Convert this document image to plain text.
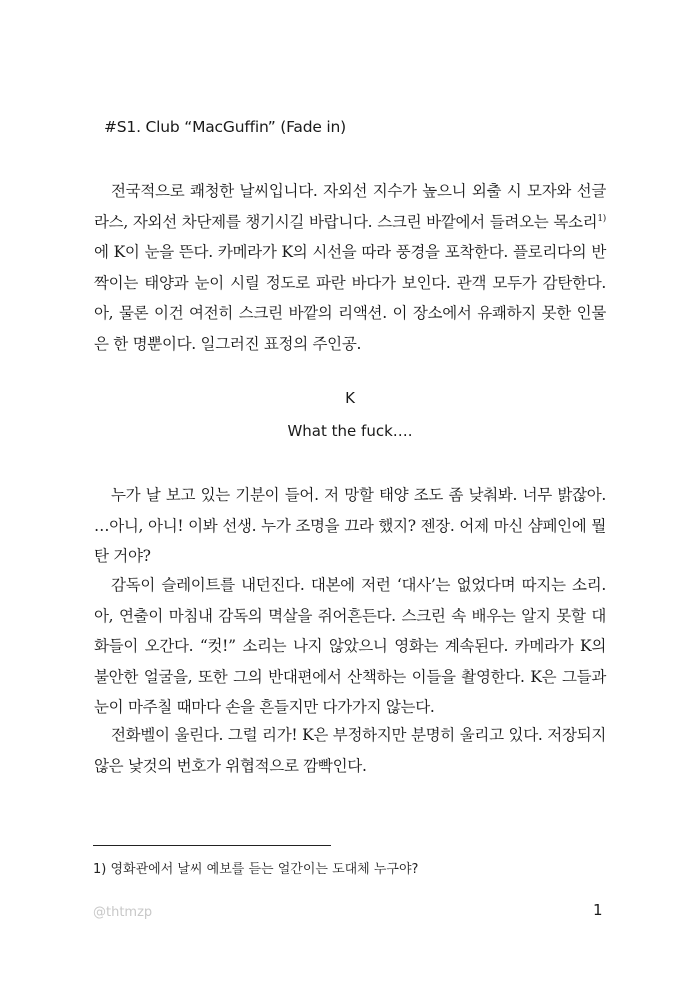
#S1. Club “MacGuffin” (Fade in)
전국적으로 쾌청한 날씨입니다. 자외선 지수가 높으니 외출 시 모자와 선글라스, 자외선 차단제를 챙기시길 바랍니다. 스크린 바깥에서 들려오는 목소리$^{1)}$에 K이 눈을 뜬다. 카메라가 K의 시선을 따라 풍경을 포착한다. 플로리다의 반짝이는 태양과 눈이 시릴 정도로 파란 바다가 보인다. 관객 모두가 감탄한다. 아, 물론 이건 여전히 스크린 바깥의 리액션. 이 장소에서 유쾌하지 못한 인물은 한 명뿐이다. 일그러진 표정의 주인공.
K
What the fuck….
누가 날 보고 있는 기분이 들어. 저 망할 태양 조도 좀 낮춰봐. 너무 밝잖아. …아니, 아니! 이봐 선생. 누가 조명을 끄라 했지? 젠장. 어제 마신 샴페인에 뭘 탄 거야?
감독이 슬레이트를 내던진다. 대본에 저런 ‘대사’는 없었다며 따지는 소리. 아, 연출이 마침내 감독의 멱살을 쥐어흔든다. 스크린 속 배우는 알지 못할 대화들이 오간다. “컷!” 소리는 나지 않았으니 영화는 계속된다. 카메라가 K의 불안한 얼굴을, 또한 그의 반대편에서 산책하는 이들을 촬영한다. K은 그들과 눈이 마주칠 때마다 손을 흔들지만 다가가지 않는다.
전화벨이 울린다. 그럴 리가! K은 부정하지만 분명히 울리고 있다. 저장되지 않은 낯것의 번호가 위협적으로 깜빡인다.
1) 영화관에서 날씨 예보를 듣는 얼간이는 도대체 누구야?
@thtmzp	1
